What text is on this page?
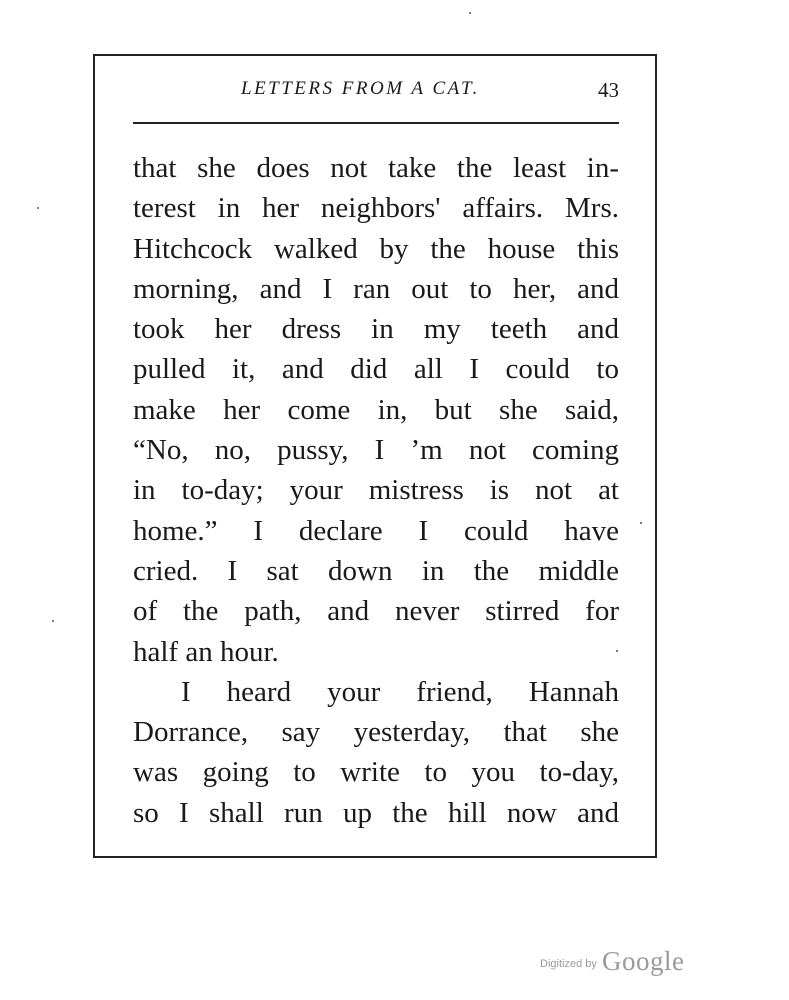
LETTERS FROM A CAT.	43
that she does not take the least in-
terest in her neighbors' affairs. Mrs.
Hitchcock walked by the house this
morning, and I ran out to her, and
took her dress in my teeth and
pulled it, and did all I could to
make her come in, but she said,
“No, no, pussy, I ’m not coming
in to-day; your mistress is not at
home.” I declare I could have
cried. I sat down in the middle
of the path, and never stirred for
half an hour.
I heard your friend, Hannah
Dorrance, say yesterday, that she
was going to write to you to-day,
so I shall run up the hill now and
Digitized by Google
